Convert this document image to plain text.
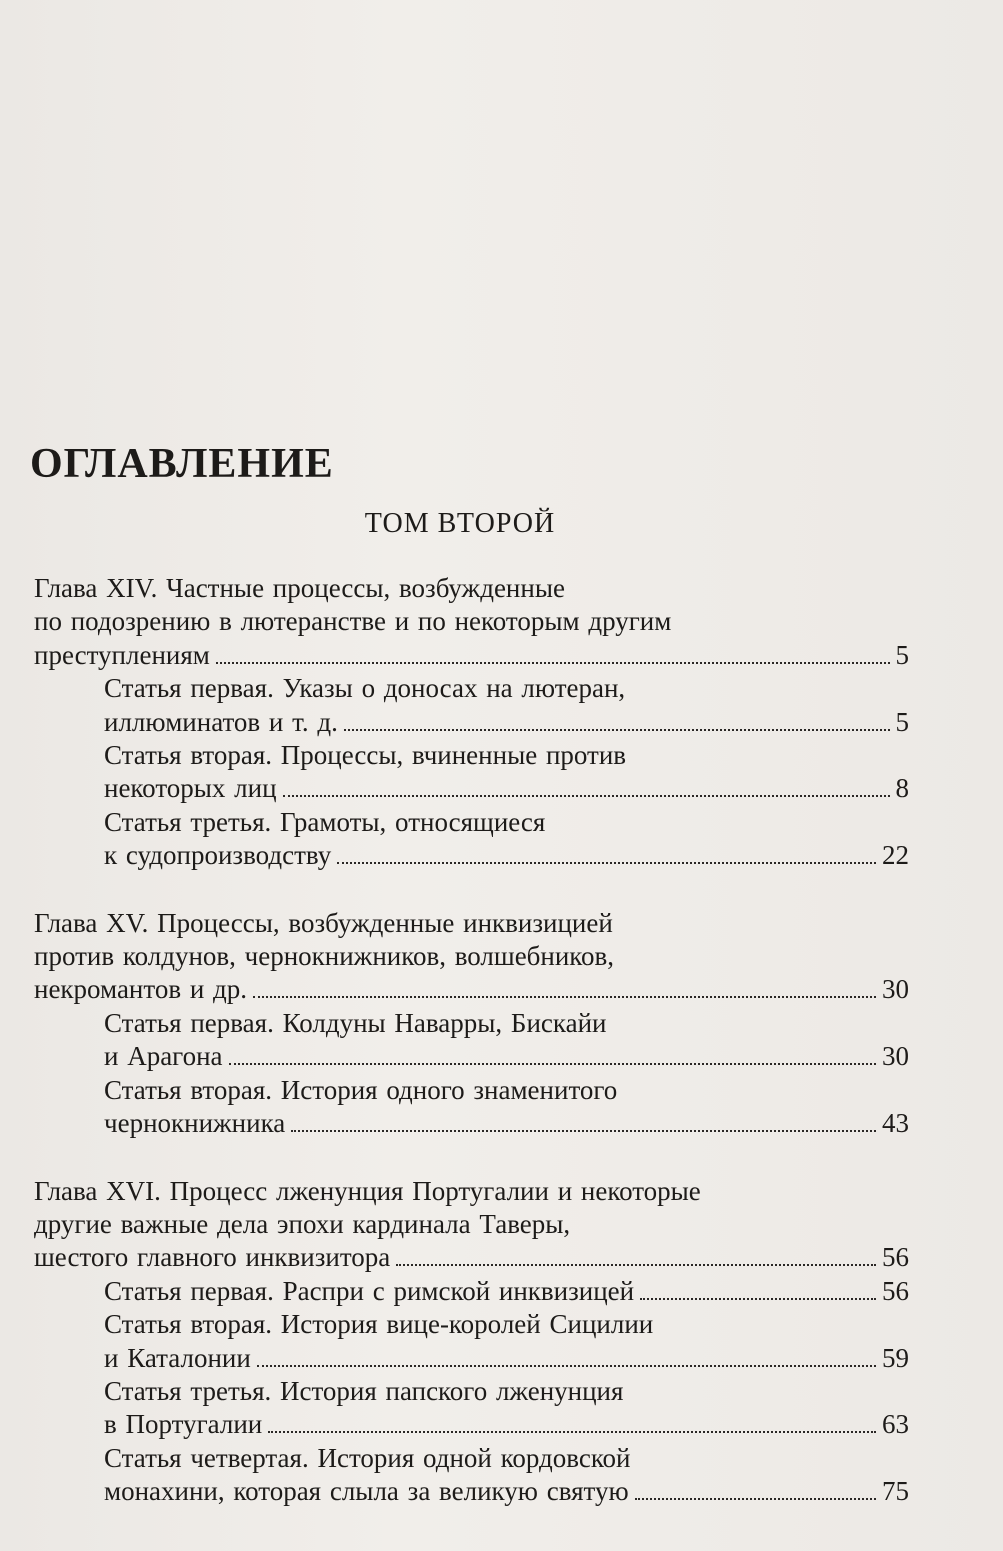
ОГЛАВЛЕНИЕ
ТОМ ВТОРОЙ
Глава XIV. Частные процессы, возбужденные
по подозрению в лютеранстве и по некоторым другим
преступлениям	5
Статья первая. Указы о доносах на лютеран,
иллюминатов и т. д.	5
Статья вторая. Процессы, вчиненные против
некоторых лиц	8
Статья третья. Грамоты, относящиеся
к судопроизводству	22
Глава XV. Процессы, возбужденные инквизицией
против колдунов, чернокнижников, волшебников,
некромантов и др.	30
Статья первая. Колдуны Наварры, Бискайи
и Арагона	30
Статья вторая. История одного знаменитого
чернокнижника	43
Глава XVI. Процесс лженунция Португалии и некоторые
другие важные дела эпохи кардинала Таверы,
шестого главного инквизитора	56
Статья первая. Распри с римской инквизицей	56
Статья вторая. История вице-королей Сицилии
и Каталонии	59
Статья третья. История папского лженунция
в Португалии	63
Статья четвертая. История одной кордовской
монахини, которая слыла за великую святую	75
